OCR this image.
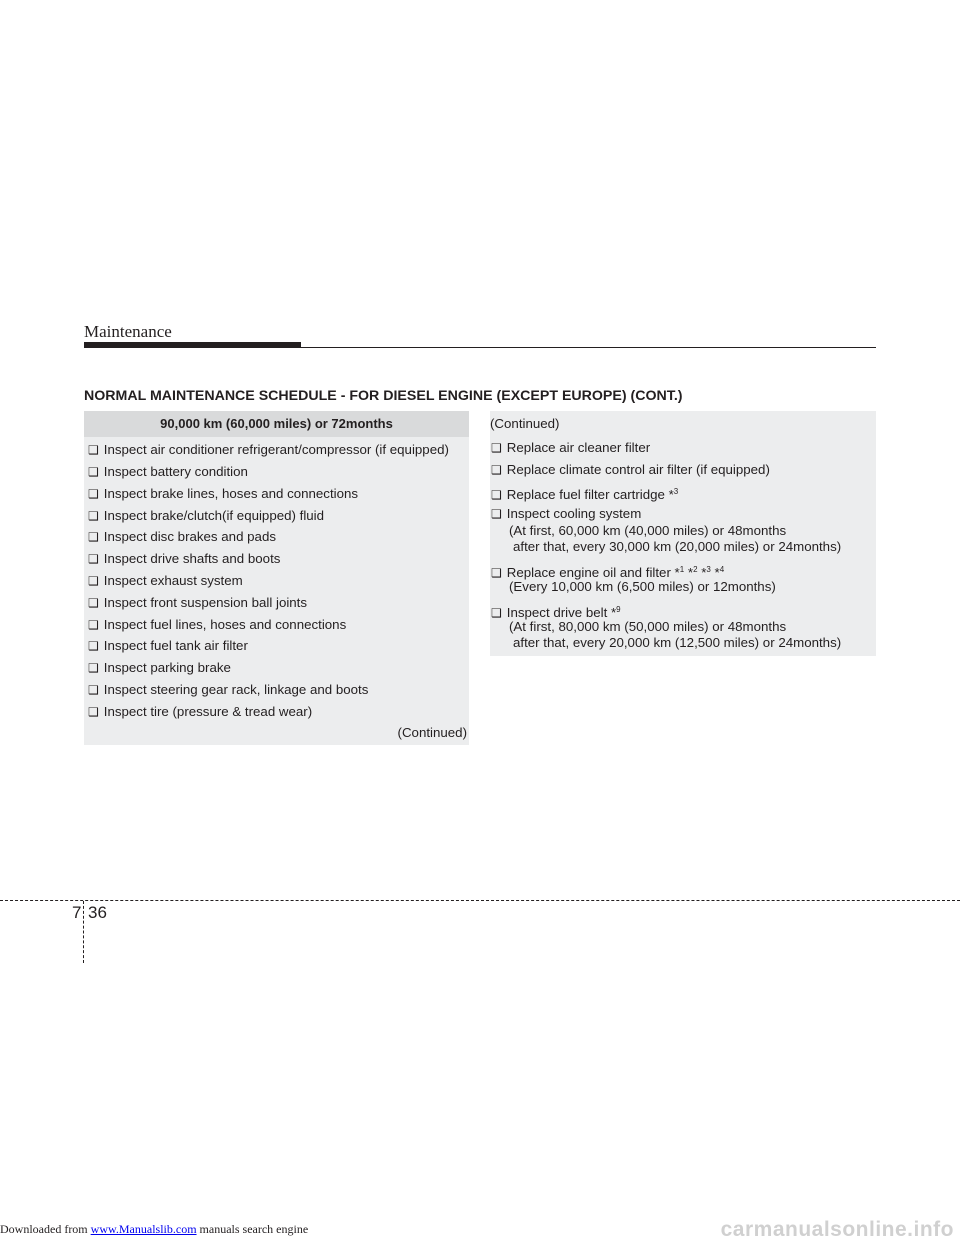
Maintenance
NORMAL MAINTENANCE SCHEDULE - FOR DIESEL ENGINE (EXCEPT EUROPE) (CONT.)
90,000 km (60,000 miles) or 72months
❑ Inspect air conditioner refrigerant/compressor (if equipped)
❑ Inspect battery condition
❑ Inspect brake lines, hoses and connections
❑ Inspect brake/clutch(if equipped) fluid
❑ Inspect disc brakes and pads
❑ Inspect drive shafts and boots
❑ Inspect exhaust system
❑ Inspect front suspension ball joints
❑ Inspect fuel lines, hoses and connections
❑ Inspect fuel tank air filter
❑ Inspect parking brake
❑ Inspect steering gear rack, linkage and boots
❑ Inspect tire (pressure & tread wear)
(Continued)
(Continued)
❑ Replace air cleaner filter
❑ Replace climate control air filter (if equipped)
❑ Replace fuel filter cartridge *$^3$
❑ Inspect cooling system
(At first, 60,000 km (40,000 miles) or 48months
after that, every 30,000 km (20,000 miles) or 24months)
❑ Replace engine oil and filter *$^1$ *$^2$ *$^3$ *$^4$
(Every 10,000 km (6,500 miles) or 12months)
❑ Inspect drive belt *$^9$
(At first, 80,000 km (50,000 miles) or 48months
after that, every 20,000 km (12,500 miles) or 24months)
7 36
Downloaded from www.Manualslib.com manuals search engine	carmanualsonline.info
